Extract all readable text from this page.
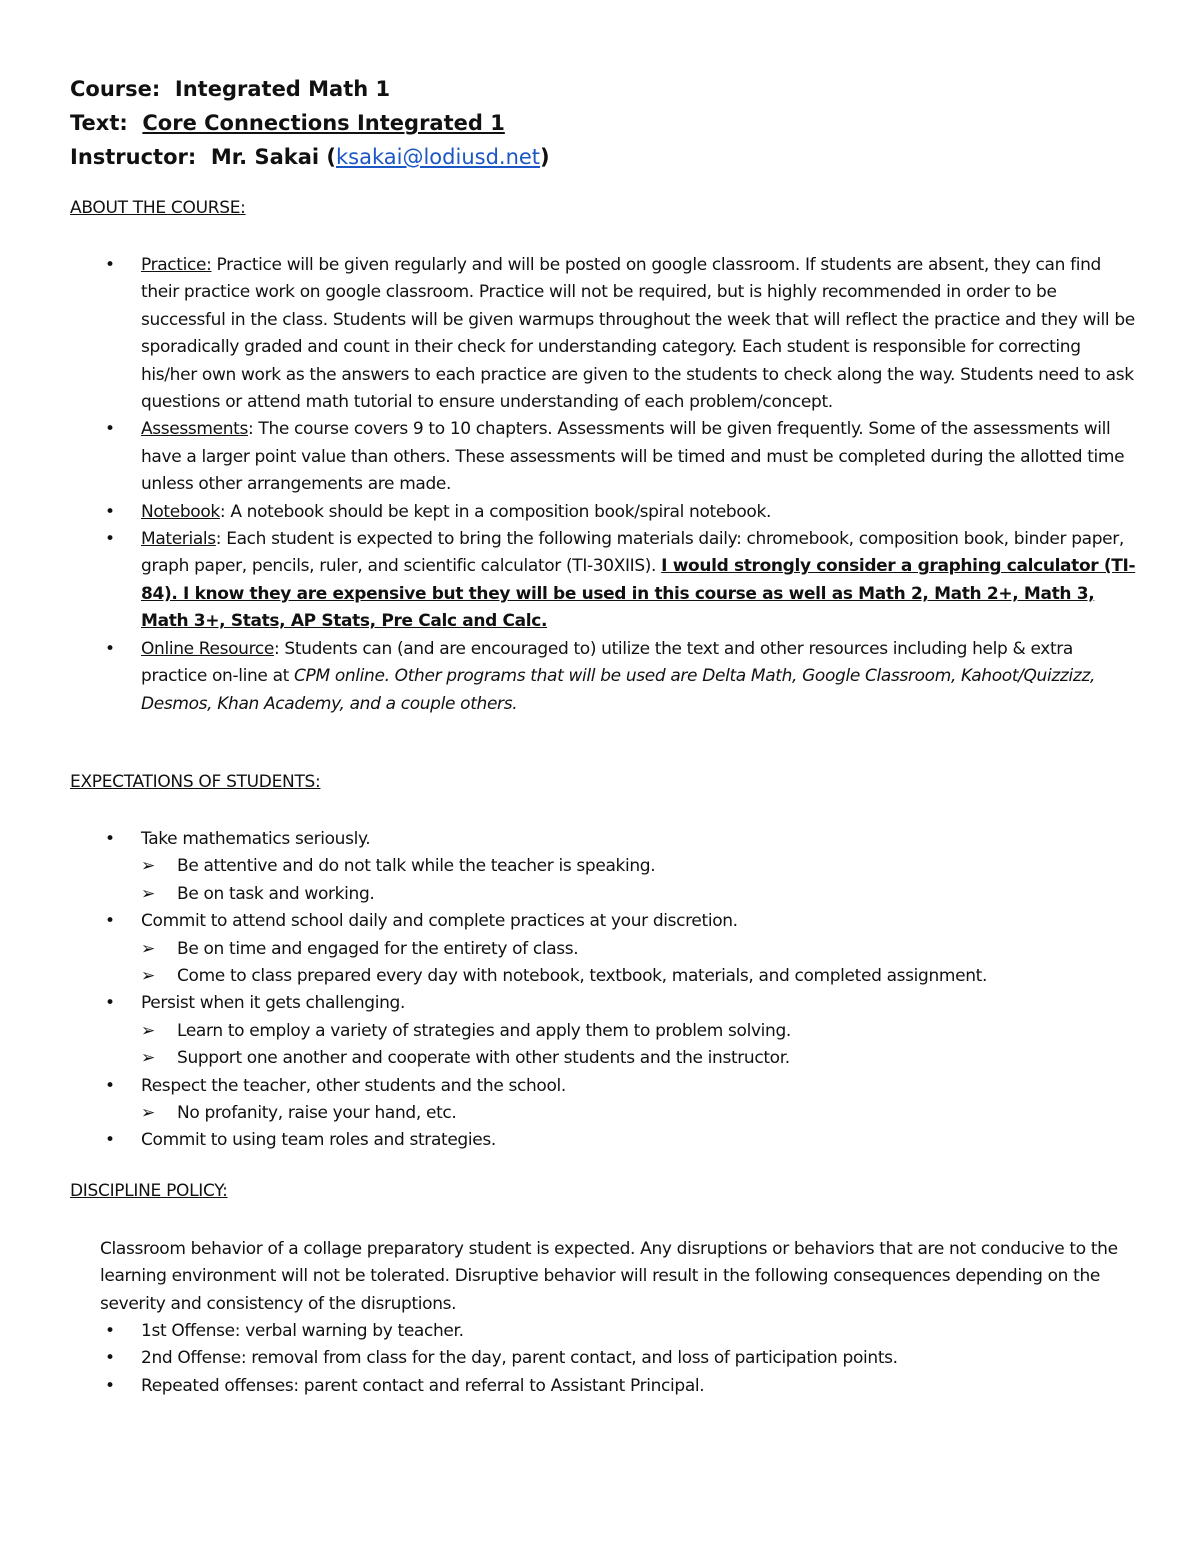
Course: Integrated Math 1
Text: Core Connections Integrated 1
Instructor: Mr. Sakai (ksakai@lodiusd.net)
ABOUT THE COURSE:
•	Practice: Practice will be given regularly and will be posted on google classroom. If students are absent, they can find their practice work on google classroom. Practice will not be required, but is highly recommended in order to be successful in the class. Students will be given warmups throughout the week that will reflect the practice and they will be sporadically graded and count in their check for understanding category. Each student is responsible for correcting his/her own work as the answers to each practice are given to the students to check along the way. Students need to ask questions or attend math tutorial to ensure understanding of each problem/concept.
•	Assessments: The course covers 9 to 10 chapters. Assessments will be given frequently. Some of the assessments will have a larger point value than others. These assessments will be timed and must be completed during the allotted time unless other arrangements are made.
•	Notebook: A notebook should be kept in a composition book/spiral notebook.
•	Materials: Each student is expected to bring the following materials daily: chromebook, composition book, binder paper, graph paper, pencils, ruler, and scientific calculator (TI-30XIIS). I would strongly consider a graphing calculator (TI-84). I know they are expensive but they will be used in this course as well as Math 2, Math 2+, Math 3, Math 3+, Stats, AP Stats, Pre Calc and Calc.
•	Online Resource: Students can (and are encouraged to) utilize the text and other resources including help & extra practice on-line at CPM online. Other programs that will be used are Delta Math, Google Classroom, Kahoot/Quizzizz, Desmos, Khan Academy, and a couple others.
EXPECTATIONS OF STUDENTS:
•	Take mathematics seriously.
➢ Be attentive and do not talk while the teacher is speaking.
➢ Be on task and working.
•	Commit to attend school daily and complete practices at your discretion.
➢ Be on time and engaged for the entirety of class.
➢ Come to class prepared every day with notebook, textbook, materials, and completed assignment.
•	Persist when it gets challenging.
➢ Learn to employ a variety of strategies and apply them to problem solving.
➢ Support one another and cooperate with other students and the instructor.
•	Respect the teacher, other students and the school.
➢ No profanity, raise your hand, etc.
•	Commit to using team roles and strategies.
DISCIPLINE POLICY:
Classroom behavior of a collage preparatory student is expected. Any disruptions or behaviors that are not conducive to the learning environment will not be tolerated. Disruptive behavior will result in the following consequences depending on the severity and consistency of the disruptions.
•	1st Offense: verbal warning by teacher.
•	2nd Offense: removal from class for the day, parent contact, and loss of participation points.
•	Repeated offenses: parent contact and referral to Assistant Principal.
